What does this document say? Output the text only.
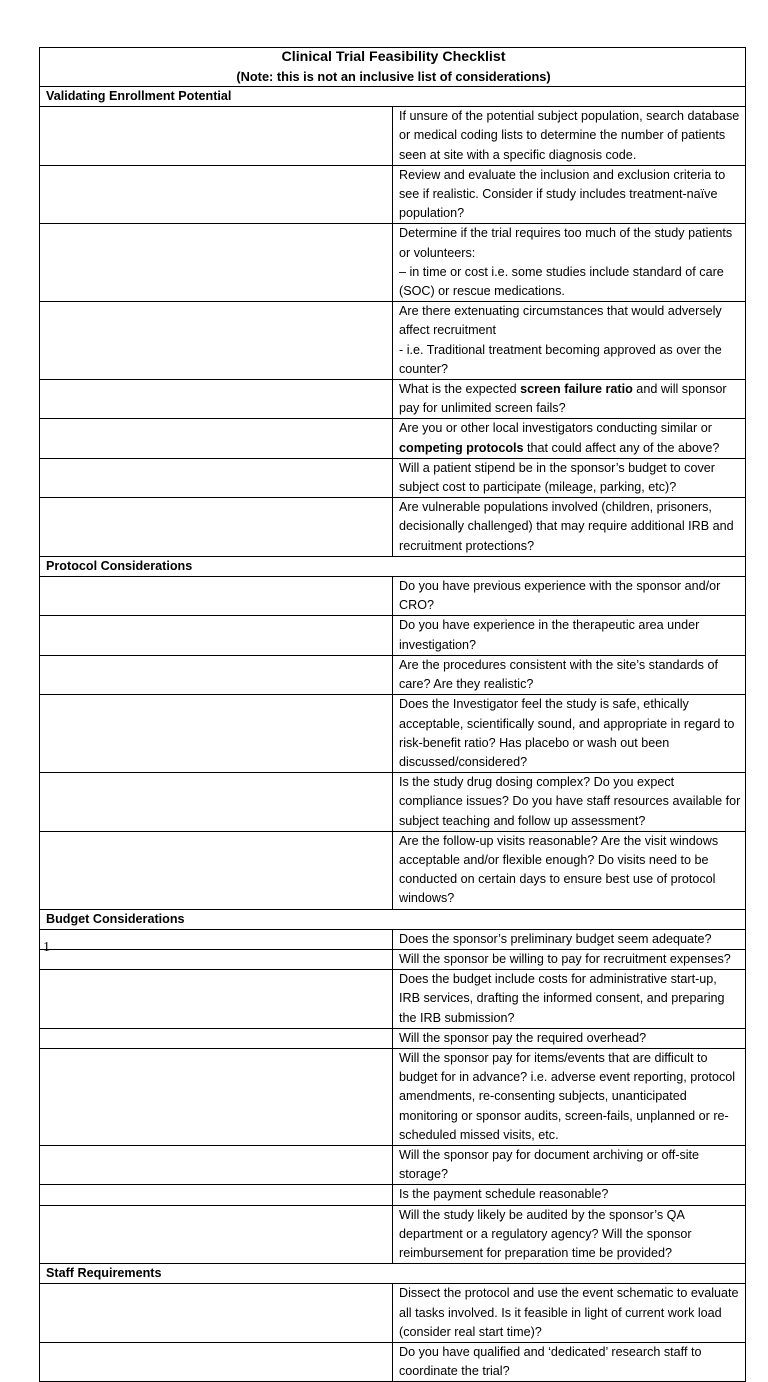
Clinical Trial Feasibility Checklist
(Note: this is not an inclusive list of considerations)	

Validating Enrollment Potential	
	If unsure of the potential subject population, search database or medical coding lists to determine the number of patients seen at site with a specific diagnosis code.
	Review and evaluate the inclusion and exclusion criteria to see if realistic. Consider if study includes treatment-naïve population?
	Determine if the trial requires too much of the study patients or volunteers:
– in time or cost i.e. some studies include standard of care (SOC) or rescue medications.
	Are there extenuating circumstances that would adversely affect recruitment
- i.e. Traditional treatment becoming approved as over the counter?
	What is the expected screen failure ratio and will sponsor pay for unlimited screen fails?
	Are you or other local investigators conducting similar or competing protocols that could affect any of the above?
	Will a patient stipend be in the sponsor’s budget to cover subject cost to participate (mileage, parking, etc)?
	Are vulnerable populations involved (children, prisoners, decisionally challenged) that may require additional IRB and recruitment protections?
Protocol Considerations	
	Do you have previous experience with the sponsor and/or CRO?
	Do you have experience in the therapeutic area under investigation?
	Are the procedures consistent with the site’s standards of care? Are they realistic?
	Does the Investigator feel the study is safe, ethically acceptable, scientifically sound, and appropriate in regard to risk-benefit ratio? Has placebo or wash out been discussed/considered?
	Is the study drug dosing complex? Do you expect compliance issues? Do you have staff resources available for subject teaching and follow up assessment?
	Are the follow-up visits reasonable? Are the visit windows acceptable and/or flexible enough? Do visits need to be conducted on certain days to ensure best use of protocol windows?
Budget Considerations	
	Does the sponsor’s preliminary budget seem adequate?
	Will the sponsor be willing to pay for recruitment expenses?
	Does the budget include costs for administrative start-up, IRB services, drafting the informed consent, and preparing the IRB submission?
	Will the sponsor pay the required overhead?
	Will the sponsor pay for items/events that are difficult to budget for in advance? i.e. adverse event reporting, protocol amendments, re-consenting subjects, unanticipated monitoring or sponsor audits, screen-fails, unplanned or re-scheduled missed visits, etc.
	Will the sponsor pay for document archiving or off-site storage?
	Is the payment schedule reasonable?
	Will the study likely be audited by the sponsor’s QA department or a regulatory agency? Will the sponsor reimbursement for preparation time be provided?
Staff Requirements	
	Dissect the protocol and use the event schematic to evaluate all tasks involved. Is it feasible in light of current work load (consider real start time)?
	Do you have qualified and ‘dedicated’ research staff to coordinate the trial?
1
